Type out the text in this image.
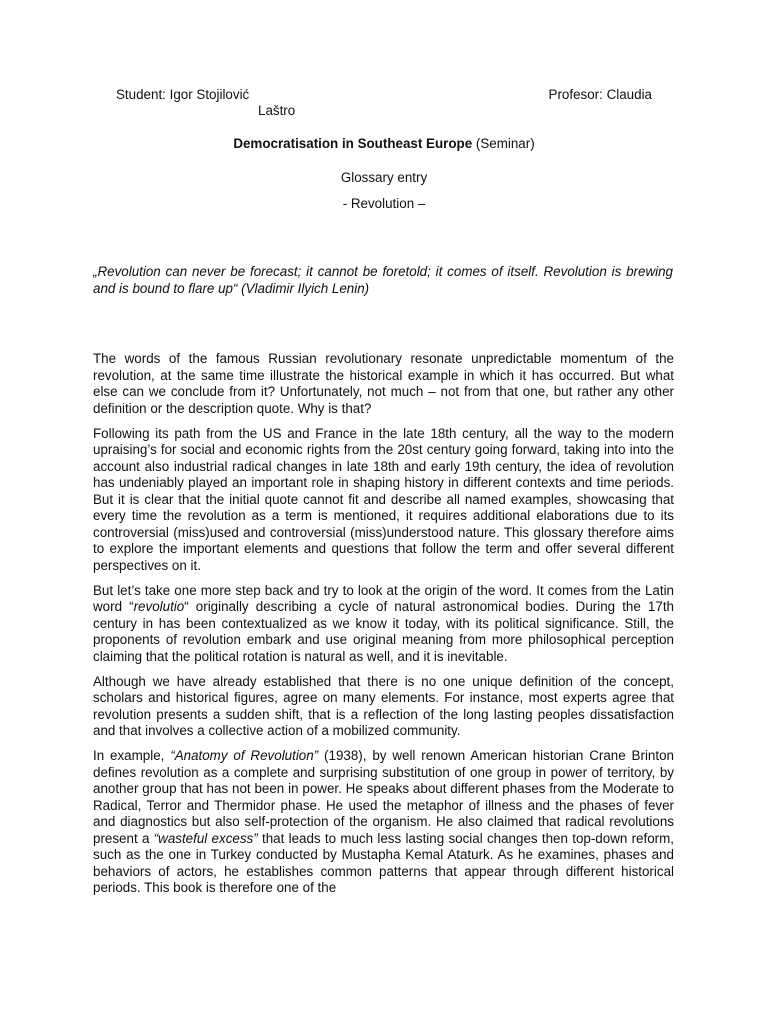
Student: Igor Stojilović
Laštro
Profesor: Claudia
Democratisation in Southeast Europe (Seminar)
Glossary entry
- Revolution –
„Revolution can never be forecast; it cannot be foretold; it comes of itself. Revolution is brewing and is bound to flare up“ (Vladimir Ilyich Lenin)

The words of the famous Russian revolutionary resonate unpredictable momentum of the revolution, at the same time illustrate the historical example in which it has occurred. But what else can we conclude from it? Unfortunately, not much – not from that one, but rather any other definition or the description quote. Why is that?

Following its path from the US and France in the late 18th century, all the way to the modern upraising’s for social and economic rights from the 20st century going forward, taking into into the account also industrial radical changes in late 18th and early 19th century, the idea of revolution has undeniably played an important role in shaping history in different contexts and time periods. But it is clear that the initial quote cannot fit and describe all named examples, showcasing that every time the revolution as a term is mentioned, it requires additional elaborations due to its controversial (miss)used and controversial (miss)understood nature. This glossary therefore aims to explore the important elements and questions that follow the term and offer several different perspectives on it.

But let’s take one more step back and try to look at the origin of the word. It comes from the Latin word “revolutio“ originally describing a cycle of natural astronomical bodies. During the 17th century in has been contextualized as we know it today, with its political significance. Still, the proponents of revolution embark and use original meaning from more philosophical perception claiming that the political rotation is natural as well, and it is inevitable.

Although we have already established that there is no one unique definition of the concept, scholars and historical figures, agree on many elements. For instance, most experts agree that revolution presents a sudden shift, that is a reflection of the long lasting peoples dissatisfaction and that involves a collective action of a mobilized community.

In example, “Anatomy of Revolution” (1938), by well renown American historian Crane Brinton defines revolution as a complete and surprising substitution of one group in power of territory, by another group that has not been in power. He speaks about different phases from the Moderate to Radical, Terror and Thermidor phase. He used the metaphor of illness and the phases of fever and diagnostics but also self-protection of the organism. He also claimed that radical revolutions present a “wasteful excess” that leads to much less lasting social changes then top-down reform, such as the one in Turkey conducted by Mustapha Kemal Ataturk. As he examines, phases and behaviors of actors, he establishes common patterns that appear through different historical periods. This book is therefore one of the
